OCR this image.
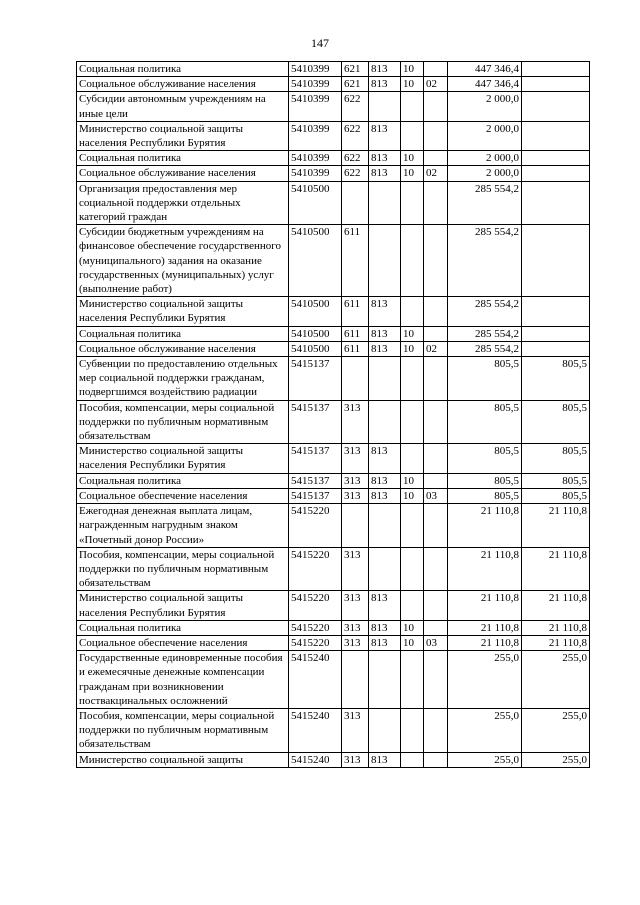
147
Социальная политика	5410399	621	813	10		447 346,4	
Социальное обслуживание населения	5410399	621	813	10	02	447 346,4	
Субсидии автономным учреждениям на иные цели	5410399	622				2 000,0	
Министерство социальной защиты населения Республики Бурятия	5410399	622	813			2 000,0	
Социальная политика	5410399	622	813	10		2 000,0	
Социальное обслуживание населения	5410399	622	813	10	02	2 000,0	
Организация предоставления мер социальной поддержки отдельных категорий граждан	5410500					285 554,2	
Субсидии бюджетным учреждениям на финансовое обеспечение государственного (муниципального) задания на оказание государственных (муниципальных) услуг (выполнение работ)	5410500	611				285 554,2	
Министерство социальной защиты населения Республики Бурятия	5410500	611	813			285 554,2	
Социальная политика	5410500	611	813	10		285 554,2	
Социальное обслуживание населения	5410500	611	813	10	02	285 554,2	
Субвенции по предоставлению отдельных мер социальной поддержки гражданам, подвергшимся воздействию радиации	5415137					805,5	805,5
Пособия, компенсации, меры социальной поддержки по публичным нормативным обязательствам	5415137	313				805,5	805,5
Министерство социальной защиты населения Республики Бурятия	5415137	313	813			805,5	805,5
Социальная политика	5415137	313	813	10		805,5	805,5
Социальное обеспечение населения	5415137	313	813	10	03	805,5	805,5
Ежегодная денежная выплата лицам, награжденным нагрудным знаком «Почетный донор России»	5415220					21 110,8	21 110,8
Пособия, компенсации, меры социальной поддержки по публичным нормативным обязательствам	5415220	313				21 110,8	21 110,8
Министерство социальной защиты населения Республики Бурятия	5415220	313	813			21 110,8	21 110,8
Социальная политика	5415220	313	813	10		21 110,8	21 110,8
Социальное обеспечение населения	5415220	313	813	10	03	21 110,8	21 110,8
Государственные единовременные пособия и ежемесячные денежные компенсации гражданам при возникновении поствакцинальных осложнений	5415240					255,0	255,0
Пособия, компенсации, меры социальной поддержки по публичным нормативным обязательствам	5415240	313				255,0	255,0
Министерство социальной защиты	5415240	313	813			255,0	255,0
